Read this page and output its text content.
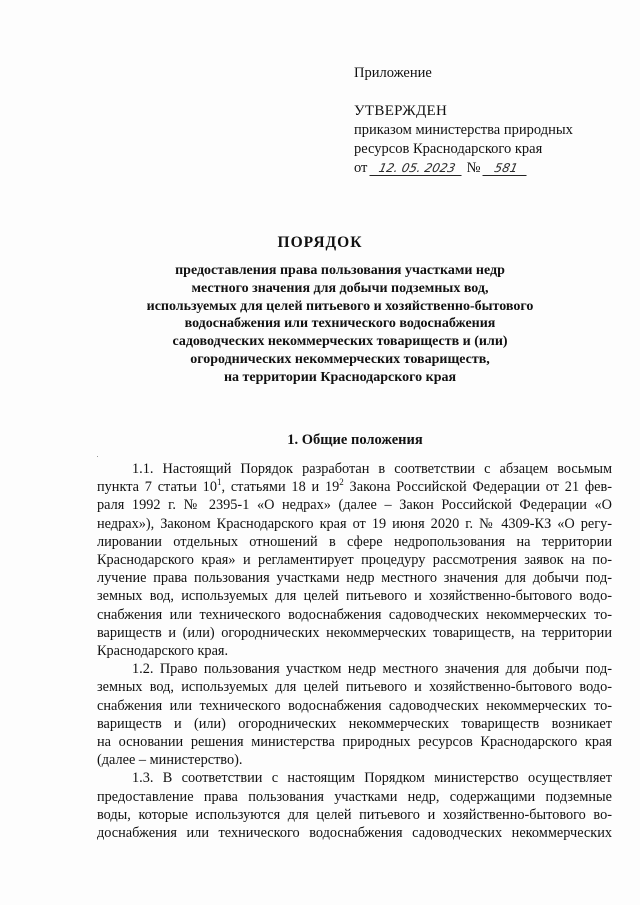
Приложение

УТВЕРЖДЕН

приказом министерства природных

ресурсов Краснодарского края

от 12. 05. 2023 № 581

ПОРЯДОК

предоставления права пользования участками недр
местного значения для добычи подземных вод,
используемых для целей питьевого и хозяйственно-бытового
водоснабжения или технического водоснабжения
садоводческих некоммерческих товариществ и (или)
огороднических некоммерческих товариществ,
на территории Краснодарского края

1. Общие положения

1.1. Настоящий Порядок разработан в соответствии с абзацем восьмым
пункта 7 статьи $10^1$, статьями 18 и $19^2$ Закона Российской Федерации от 21 фев-
раля 1992 г. № 2395-1 «О недрах» (далее – Закон Российской Федерации «О
недрах»), Законом Краснодарского края от 19 июня 2020 г. № 4309-КЗ «О регу-
лировании отдельных отношений в сфере недропользования на территории
Краснодарского края» и регламентирует процедуру рассмотрения заявок на по-
лучение права пользования участками недр местного значения для добычи под-
земных вод, используемых для целей питьевого и хозяйственно-бытового водо-
снабжения или технического водоснабжения садоводческих некоммерческих то-
вариществ и (или) огороднических некоммерческих товариществ, на территории
Краснодарского края.

1.2. Право пользования участком недр местного значения для добычи под-
земных вод, используемых для целей питьевого и хозяйственно-бытового водо-
снабжения или технического водоснабжения садоводческих некоммерческих то-
вариществ и (или) огороднических некоммерческих товариществ возникает
на основании решения министерства природных ресурсов Краснодарского края
(далее – министерство).

1.3. В соответствии с настоящим Порядком министерство осуществляет
предоставление права пользования участками недр, содержащими подземные
воды, которые используются для целей питьевого и хозяйственно-бытового во-
доснабжения или технического водоснабжения садоводческих некоммерческих
